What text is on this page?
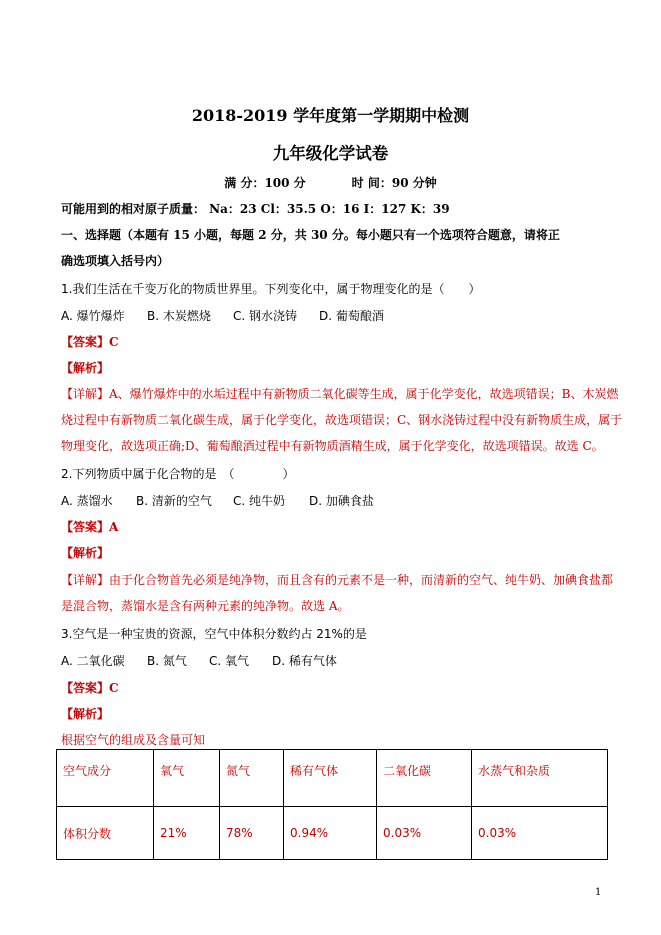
2018-2019 学年度第一学期期中检测
九年级化学试卷
满 分：100 分	时 间：90 分钟
可能用到的相对原子质量： Na：23 Cl：35.5 O：16 I：127 K：39
一、选择题（本题有 15 小题，每题 2 分，共 30 分。每小题只有一个选项符合题意，请将正
确选项填入括号内）
1.我们生活在千变万化的物质世界里。下列变化中，属于物理变化的是（　　）
A. 爆竹爆炸 B. 木炭燃烧 C. 钢水浇铸 D. 葡萄酿酒
【答案】C
【解析】
【详解】A、爆竹爆炸中的水垢过程中有新物质二氧化碳等生成，属于化学变化，故选项错误；B、木炭燃
烧过程中有新物质二氧化碳生成，属于化学变化，故选项错误；C、钢水浇铸过程中没有新物质生成，属于
物理变化，故选项正确;D、葡萄酿酒过程中有新物质酒精生成，属于化学变化，故选项错误。故选 C。
2.下列物质中属于化合物的是　（　　　　）
A. 蒸馏水 B. 清新的空气 C. 纯牛奶 D. 加碘食盐
【答案】A
【解析】
【详解】由于化合物首先必须是纯净物，而且含有的元素不是一种，而清新的空气、纯牛奶、加碘食盐都
是混合物，蒸馏水是含有两种元素的纯净物。故选 A。
3.空气是一种宝贵的资源，空气中体积分数约占 21%的是
A. 二氧化碳 B. 氮气 C. 氧气 D. 稀有气体
【答案】C
【解析】
根据空气的组成及含量可知
空气成分	氧气	氮气	稀有气体	二氧化碳	水蒸气和杂质
体积分数	21%	78%	0.94%	0.03%	0.03%
1
